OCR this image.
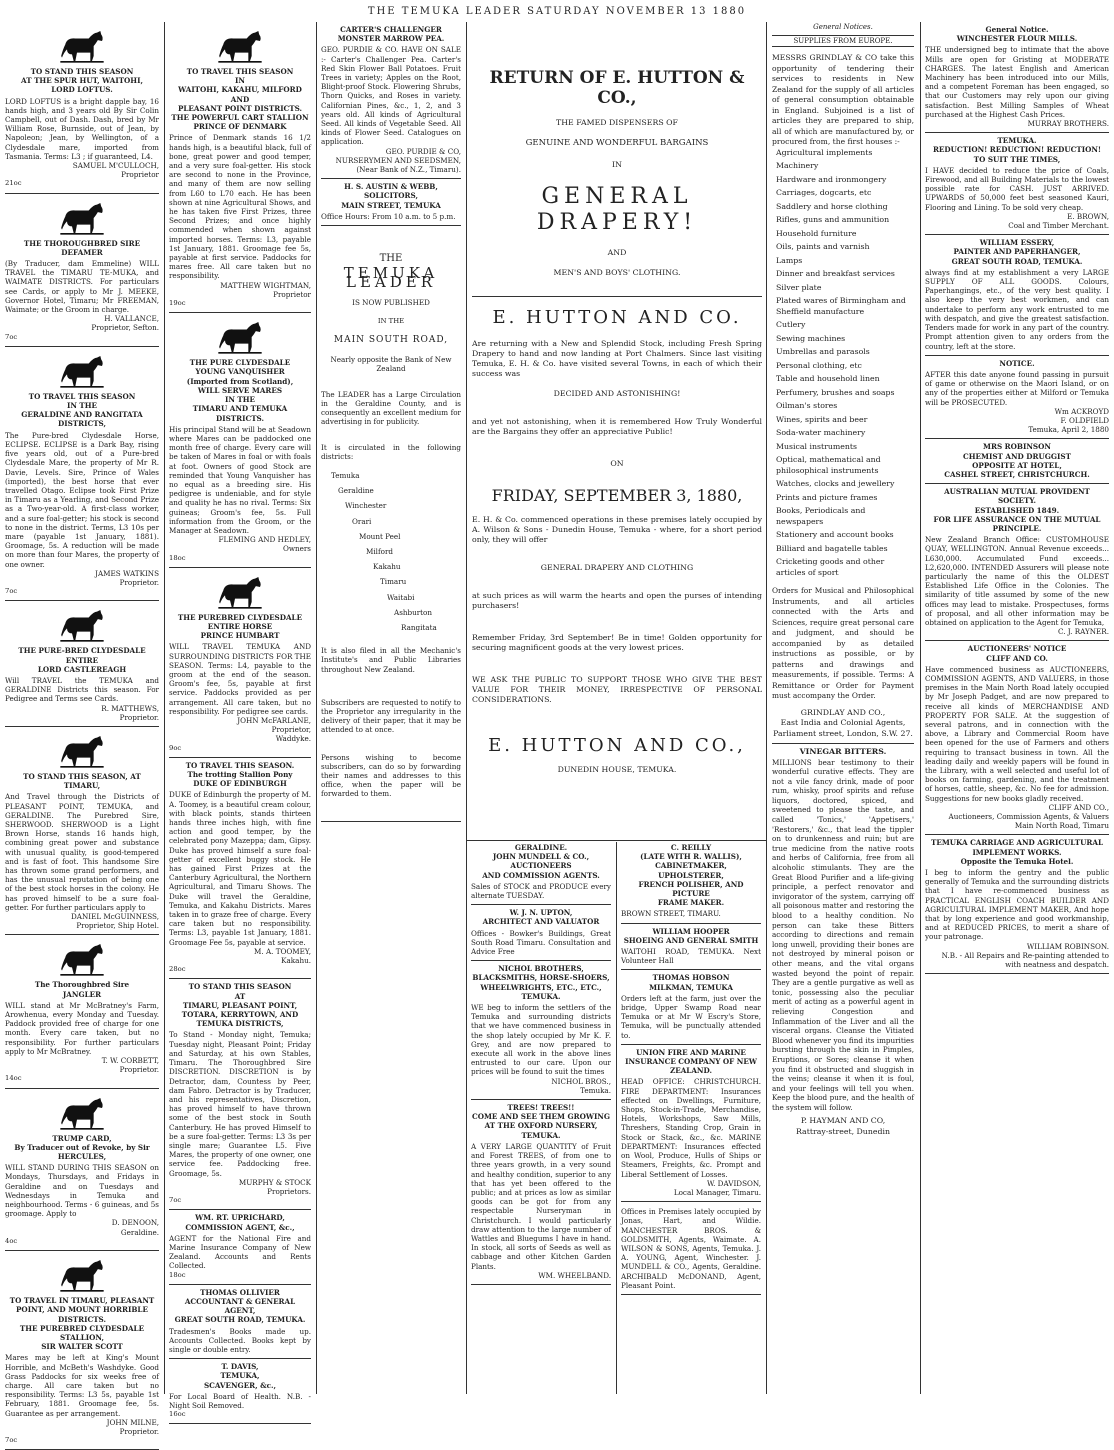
THE TEMUKA LEADER SATURDAY NOVEMBER 13 1880
TO STAND THIS SEASON
AT THE SPUR HUT, WAITOHI,
LORD LOFTUS.
LORD LOFTUS is a bright dapple bay, 16 hands high, and 3 years old By Sir Colin Campbell, out of Dash. Dash, bred by Mr William Rose, Burnside, out of Jean, by Napoleon; Jean, by Wellington, of a Clydesdale mare, imported from Tasmania. Terms: L3 ; if guaranteed, L4.
SAMUEL M'CULLOCH,
Proprietor
21oc
THE THOROUGHBRED SIRE
DEFAMER
(By Traducer, dam Emmeline) WILL TRAVEL the TIMARU TE-MUKA, and WAIMATE DISTRICTS. For particulars see Cards, or apply to Mr J. MEEKE, Governor Hotel, Timaru; Mr FREEMAN, Waimate; or the Groom in charge.
H. VALLANCE,
Proprietor, Sefton.
7oc
TO TRAVEL THIS SEASON
IN THE
GERALDINE AND RANGITATA
DISTRICTS,
The Pure-bred Clydesdale Horse, ECLIPSE. ECLIPSE is a Dark Bay, rising five years old, out of a Pure-bred Clydesdale Mare, the property of Mr R. Davie, Levels. Sire, Prince of Wales (imported), the best horse that ever travelled Otago. Eclipse took First Prize in Timaru as a Yearling, and Second Prize as a Two-year-old. A first-class worker, and a sure foal-getter; his stock is second to none in the district. Terms, L3 10s per mare (payable 1st January, 1881). Groomage, 5s. A reduction will be made on more than four Mares, the property of one owner.
JAMES WATKINS
Proprietor.
7oc
THE PURE-BRED CLYDESDALE
ENTIRE
LORD CASTLEREAGH
Will TRAVEL the TEMUKA and GERALDINE Districts this season. For Pedigree and Terms see Cards.
R. MATTHEWS,
Proprietor.
TO STAND THIS SEASON, AT
TIMARU,
And Travel through the Districts of PLEASANT POINT, TEMUKA, and GERALDINE. The Purebred Sire, SHERWOOD. SHERWOOD is a Light Brown Horse, stands 16 hands high, combining great power and substance with unusual quality, is good-tempered and is fast of foot. This handsome Sire has thrown some grand performers, and has the unusual reputation of being one of the best stock horses in the colony. He has proved himself to be a sure foal-getter. For further particulars apply to
DANIEL McGUINNESS,
Proprietor, Ship Hotel.
The Thoroughbred Sire
JANGLER
WILL stand at Mr McBratney's Farm, Arowhenua, every Monday and Tuesday. Paddock provided free of charge for one month. Every care taken, but no responsibility. For further particulars apply to Mr McBratney.
T. W. CORBETT,
Proprietor.
14oc
TRUMP CARD,
By Traducer out of Revoke, by Sir
HERCULES,
WILL STAND DURING THIS SEASON on Mondays, Thursdays, and Fridays in Geraldine and on Tuesdays and Wednesdays in Temuka and neighbourhood. Terms - 6 guineas, and 5s groomage. Apply to
D. DENOON,
Geraldine.
4oc
TO TRAVEL IN TIMARU, PLEASANT POINT, AND MOUNT HORRIBLE DISTRICTS.
THE PUREBRED CLYDESDALE STALLION,
SIR WALTER SCOTT
Mares may be left at King's Mount Horrible, and McBeth's Washdyke. Good Grass Paddocks for six weeks free of charge. All care taken but no responsibility. Terms: L3 5s, payable 1st February, 1881. Groomage fee, 5s. Guarantee as per arrangement.
JOHN MILNE,
Proprietor.
7oc
TO TRAVEL THIS SEASON
IN
WAITOHI, KAKAHU, MILFORD AND
PLEASANT POINT DISTRICTS.
THE POWERFUL CART STALLION
PRINCE OF DENMARK
Prince of Denmark stands 16 1/2 hands high, is a beautiful black, full of bone, great power and good temper, and a very sure foal-getter. His stock are second to none in the Province, and many of them are now selling from L60 to L70 each. He has been shown at nine Agricultural Shows, and he has taken five First Prizes, three Second Prizes; and once highly commended when shown against imported horses. Terms: L3, payable 1st January, 1881. Groomage fee 5s, payable at first service. Paddocks for mares free. All care taken but no responsibility.
MATTHEW WIGHTMAN,
Proprietor
19oc
THE PURE CLYDESDALE
YOUNG VANQUISHER
(Imported from Scotland),
WILL SERVE MARES
IN THE
TIMARU AND TEMUKA DISTRICTS.
His principal Stand will be at Seadown where Mares can be paddocked one month free of charge. Every care will be taken of Mares in foal or with foals at foot. Owners of good Stock are reminded that Young Vanquisher has no equal as a breeding sire. His pedigree is undeniable, and for style and quality he has no rival. Terms: Six guineas; Groom's fee, 5s. Full information from the Groom, or the Manager at Seadown.
FLEMING AND HEDLEY,
Owners
18oc
THE PUREBRED CLYDESDALE ENTIRE HORSE
PRINCE HUMBART
WILL TRAVEL TEMUKA AND SURROUNDING DISTRICTS FOR THE SEASON. Terms: L4, payable to the groom at the end of the season. Groom's fee, 5s, payable at first service. Paddocks provided as per arrangement. All care taken, but no responsibility. For pedigree see cards.
JOHN McFARLANE,
Proprietor,
Waddyke.
9oc
TO TRAVEL THIS SEASON.
The trotting Stallion Pony
DUKE OF EDINBURGH
DUKE of Edinburgh the property of M. A. Toomey, is a beautiful cream colour, with black points, stands thirteen hands three inches high, with fine action and good temper, by the celebrated pony Mazeppa; dam, Gipsy. Duke has proved himself a sure foal-getter of excellent buggy stock. He has gained First Prizes at the Canterbury Agricultural, the Northern Agricultural, and Timaru Shows. The Duke will travel the Geraldine, Temuka, and Kakahu Districts. Mares taken in to graze free of charge. Every care taken but no responsibility. Terms: L3, payable 1st January, 1881. Groomage Fee 5s, payable at service.
M. A. TOOMEY,
Kakahu.
28oc
TO STAND THIS SEASON
AT
TIMARU, PLEASANT POINT, TOTARA, KERRYTOWN, AND TEMUKA DISTRICTS,
To Stand - Monday night, Temuka; Tuesday night, Pleasant Point; Friday and Saturday, at his own Stables, Timaru. The Thoroughbred Sire DISCRETION. DISCRETION is by Detractor, dam, Countess by Peer, dam Fabro. Detractor is by Traducer, and his representatives, Discretion, has proved himself to have thrown some of the best stock in South Canterbury. He has proved Himself to be a sure foal-getter. Terms: L3 3s per single mare; Guarantee L5. Five Mares, the property of one owner, one service fee. Paddocking free. Groomage, 5s.
MURPHY & STOCK
Proprietors.
7oc
WM. RT. UPRICHARD,
COMMISSION AGENT, &c.,
AGENT for the National Fire and Marine Insurance Company of New Zealand. Accounts and Rents Collected.
18oc
THOMAS OLLIVIER
ACCOUNTANT & GENERAL AGENT,
GREAT SOUTH ROAD, TEMUKA.
Tradesmen's Books made up. Accounts Collected. Books kept by single or double entry.
T. DAVIS,
TEMUKA,
SCAVENGER, &c.,
For Local Board of Health. N.B. - Night Soil Removed.
16oc
CARTER'S CHALLENGER MONSTER MARROW PEA.
GEO. PURDIE & CO. HAVE ON SALE :- Carter's Challenger Pea. Carter's Red Skin Flower Ball Potatoes. Fruit Trees in variety; Apples on the Root, Blight-proof Stock. Flowering Shrubs, Thorn Quicks, and Roses in variety. Californian Pines, &c., 1, 2, and 3 years old. All kinds of Agricultural Seed. All kinds of Vegetable Seed. All kinds of Flower Seed. Catalogues on application.
GEO. PURDIE & CO,
NURSERYMEN AND SEEDSMEN,
(Near Bank of N.Z., Timaru).
H. S. AUSTIN & WEBB,
SOLICITORS,
MAIN STREET, TEMUKA
Office Hours: From 10 a.m. to 5 p.m.
THE
TEMUKA LEADER
IS NOW PUBLISHED
IN THE
MAIN SOUTH ROAD,
Nearly opposite the Bank of New Zealand
The LEADER has a Large Circulation in the Geraldine County, and is consequently an excellent medium for advertising in for publicity.
It is circulated in the following districts:
Temuka
Geraldine
Winchester
Orari
Mount Peel
Milford
Kakahu
Timaru
Waitabi
Ashburton
Rangitata
It is also filed in all the Mechanic's Institute's and Public Libraries throughout New Zealand.
Subscribers are requested to notify to the Proprietor any irregularity in the delivery of their paper, that it may be attended to at once.
Persons wishing to become subscribers, can do so by forwarding their names and addresses to this office, when the paper will be forwarded to them.
RETURN OF E. HUTTON & CO.,
THE FAMED DISPENSERS OF
GENUINE AND WONDERFUL BARGAINS
IN
GENERAL DRAPERY!
AND
MEN'S AND BOYS' CLOTHING.
E. HUTTON AND CO.
Are returning with a New and Splendid Stock, including Fresh Spring Drapery to hand and now landing at Port Chalmers. Since last visiting Temuka, E. H. & Co. have visited several Towns, in each of which their success was
DECIDED AND ASTONISHING!
and yet not astonishing, when it is remembered How Truly Wonderful are the Bargains they offer an appreciative Public!
ON
FRIDAY, SEPTEMBER 3, 1880,
E. H. & Co. commenced operations in these premises lately occupied by A. Wilson & Sons - Dunedin House, Temuka - where, for a short period only, they will offer
GENERAL DRAPERY AND CLOTHING
at such prices as will warm the hearts and open the purses of intending purchasers!
Remember Friday, 3rd September! Be in time! Golden opportunity for securing magnificent goods at the very lowest prices.
WE ASK THE PUBLIC TO SUPPORT THOSE WHO GIVE THE BEST VALUE FOR THEIR MONEY, IRRESPECTIVE OF PERSONAL CONSIDERATIONS.
E. HUTTON AND CO.,
DUNEDIN HOUSE, TEMUKA.
GERALDINE.
JOHN MUNDELL & CO.,
AUCTIONEERS
AND COMMISSION AGENTS.
Sales of STOCK and PRODUCE every alternate TUESDAY.
W. J. N. UPTON,
ARCHITECT AND VALUATOR
Offices - Bowker's Buildings, Great South Road Timaru. Consultation and Advice Free
NICHOL BROTHERS,
BLACKSMITHS, HORSE-SHOERS,
WHEELWRIGHTS, ETC., ETC.,
TEMUKA.
WE beg to inform the settlers of the Temuka and surrounding districts that we have commenced business in the shop lately occupied by Mr K. F. Grey, and are now prepared to execute all work in the above lines entrusted to our care. Upon our prices will be found to suit the times
NICHOL BROS.,
Temuka.
TREES! TREES!!
COME AND SEE THEM GROWING
AT THE OXFORD NURSERY,
TEMUKA.
A VERY LARGE QUANTITY of Fruit and Forest TREES, of from one to three years growth, in a very sound and healthy condition, superior to any that has yet been offered to the public; and at prices as low as similar goods can be got for from any respectable Nurseryman in Christchurch. I would particularly draw attention to the large number of Wattles and Bluegums I have in hand. In stock, all sorts of Seeds as well as cabbage and other Kitchen Garden Plants.
WM. WHEELBAND.
C. REILLY
(LATE WITH R. WALLIS),
CABINETMAKER, UPHOLSTERER,
FRENCH POLISHER, AND PICTURE
FRAME MAKER.
BROWN STREET, TIMARU.
WILLIAM HOOPER
SHOEING AND GENERAL SMITH
WAITOHI ROAD, TEMUKA. Next Volunteer Hall
THOMAS HOBSON
MILKMAN, TEMUKA
Orders left at the farm, just over the bridge, Upper Swamp Road near Temuka or at Mr W Escry's Store, Temuka, will be punctually attended to.
UNION FIRE AND MARINE INSURANCE COMPANY OF NEW ZEALAND.
HEAD OFFICE: CHRISTCHURCH. FIRE DEPARTMENT: Insurances effected on Dwellings, Furniture, Shops, Stock-in-Trade, Merchandise, Hotels, Workshops, Saw Mills, Threshers, Standing Crop, Grain in Stock or Stack, &c., &c. MARINE DEPARTMENT: Insurances effected on Wool, Produce, Hulls of Ships or Steamers, Freights, &c. Prompt and Liberal Settlement of Losses.
W. DAVIDSON,
Local Manager, Timaru.
Offices in Premises lately occupied by Jonas, Hart, and Wildie. MANCHESTER BROS. & GOLDSMITH, Agents, Waimate. A. WILSON & SONS, Agents, Temuka. J. A. YOUNG, Agent, Winchester. J. MUNDELL & CO., Agents, Geraldine. ARCHIBALD McDONAND, Agent, Pleasant Point.
General Notices.
SUPPLIES FROM EUROPE.
MESSRS GRINDLAY & CO take this opportunity of tendering their services to residents in New Zealand for the supply of all articles of general consumption obtainable in England. Subjoined is a list of articles they are prepared to ship, all of which are manufactured by, or procured from, the first houses :-
Agricultural implements
Machinery
Hardware and ironmongery
Carriages, dogcarts, etc
Saddlery and horse clothing
Rifles, guns and ammunition
Household furniture
Oils, paints and varnish
Lamps
Dinner and breakfast services
Silver plate
Plated wares of Birmingham and Sheffield manufacture
Cutlery
Sewing machines
Umbrellas and parasols
Personal clothing, etc
Table and household linen
Perfumery, brushes and soaps
Oilman's stores
Wines, spirits and beer
Soda-water machinery
Musical instruments
Optical, mathematical and philosophical instruments
Watches, clocks and jewellery
Prints and picture frames
Books, Periodicals and newspapers
Stationery and account books
Billiard and bagatelle tables
Cricketing goods and other articles of sport
Orders for Musical and Philosophical Instruments, and all articles connected with the Arts and Sciences, require great personal care and judgment, and should be accompanied by as detailed instructions as possible, or by patterns and drawings and measurements, if possible. Terms: A Remittance or Order for Payment must accompany the Order.
GRINDLAY AND CO.,
East India and Colonial Agents,
Parliament street, London, S.W. 27.
VINEGAR BITTERS.
MILLIONS bear testimony to their wonderful curative effects. They are not a vile fancy drink, made of poor rum, whisky, proof spirits and refuse liquors, doctored, spiced, and sweetened to please the taste, and called 'Tonics,' 'Appetisers,' 'Restorers,' &c., that lead the tippler on to drunkenness and ruin; but are true medicine from the native roots and herbs of California, free from all alcoholic stimulants. They are the Great Blood Purifier and a life-giving principle, a perfect renovator and invigorator of the system, carrying off all poisonous matter and restoring the blood to a healthy condition. No person can take these Bitters according to directions and remain long unwell, providing their bones are not destroyed by mineral poison or other means, and the vital organs wasted beyond the point of repair. They are a gentle purgative as well as tonic, possessing also the peculiar merit of acting as a powerful agent in relieving Congestion and Inflammation of the Liver and all the visceral organs. Cleanse the Vitiated Blood whenever you find its impurities bursting through the skin in Pimples, Eruptions, or Sores; cleanse it when you find it obstructed and sluggish in the veins; cleanse it when it is foul, and your feelings will tell you when. Keep the blood pure, and the health of the system will follow.
P. HAYMAN AND CO,
Rattray-street, Dunedin
General Notice.
WINCHESTER FLOUR MILLS.
THE undersigned beg to intimate that the above Mills are open for Gristing at MODERATE CHARGES. The latest English and American Machinery has been introduced into our Mills, and a competent Foreman has been engaged, so that our Customers may rely upon our giving satisfaction. Best Milling Samples of Wheat purchased at the Highest Cash Prices.
MURRAY BROTHERS.
TEMUKA.
REDUCTION! REDUCTION! REDUCTION!
TO SUIT THE TIMES,
I HAVE decided to reduce the price of Coals, Firewood, and all Building Materials to the lowest possible rate for CASH. JUST ARRIVED. UPWARDS of 50,000 feet best seasoned Kauri, Flooring and Lining. To be sold very cheap.
E. BROWN,
Coal and Timber Merchant.
WILLIAM ESSERY,
PAINTER AND PAPERHANGER,
GREAT SOUTH ROAD, TEMUKA.
always find at my establishment a very LARGE SUPPLY OF ALL GOODS. Colours, Paperhangings, etc., of the very best quality. I also keep the very best workmen, and can undertake to perform any work entrusted to me with despatch, and give the greatest satisfaction. Tenders made for work in any part of the country. Prompt attention given to any orders from the country, left at the store.
NOTICE.
AFTER this date anyone found passing in pursuit of game or otherwise on the Maori Island, or on any of the properties either at Milford or Temuka will be PROSECUTED.
Wm ACKROYD
F. OLDFIELD
Temuka, April 2, 1880
MRS ROBINSON
CHEMIST AND DRUGGIST
OPPOSITE AT HOTEL,
CASHEL STREET, CHRISTCHURCH.
AUSTRALIAN MUTUAL PROVIDENT SOCIETY.
ESTABLISHED 1849.
FOR LIFE ASSURANCE ON THE MUTUAL PRINCIPLE.
New Zealand Branch Office: CUSTOMHOUSE QUAY, WELLINGTON. Annual Revenue exceeds... L630,000. Accumulated Fund exceeds... L2,620,000. INTENDED Assurers will please note particularly the name of this the OLDEST Established Life Office in the Colonies. The similarity of title assumed by some of the new offices may lead to mistake. Prospectuses, forms of proposal, and all other information may be obtained on application to the Agent for Temuka,
C. J. RAYNER.
AUCTIONEERS' NOTICE
CLIFF AND CO.
Have commenced business as AUCTIONEERS, COMMISSION AGENTS, AND VALUERS, in those premises in the Main North Road lately occupied by Mr Joseph Padget, and are now prepared to receive all kinds of MERCHANDISE AND PROPERTY FOR SALE. At the suggestion of several patrons, and in connection with the above, a Library and Commercial Room have been opened for the use of Farmers and others requiring to transact business in town. All the leading daily and weekly papers will be found in the Library, with a well selected and useful lot of books on farming, gardening, and the treatment of horses, cattle, sheep, &c. No fee for admission. Suggestions for new books gladly received.
CLIFF AND CO.,
Auctioneers, Commission Agents, & Valuers
Main North Road, Timaru
TEMUKA CARRIAGE AND AGRICULTURAL IMPLEMENT WORKS.
Opposite the Temuka Hotel.
I beg to inform the gentry and the public generally of Temuka and the surrounding districts that I have re-commenced business as PRACTICAL ENGLISH COACH BUILDER AND AGRICULTURAL IMPLEMENT MAKER, And hope that by long experience and good workmanship, and at REDUCED PRICES, to merit a share of your patronage.
WILLIAM ROBINSON.
N.B. - All Repairs and Re-painting attended to with neatness and despatch.
